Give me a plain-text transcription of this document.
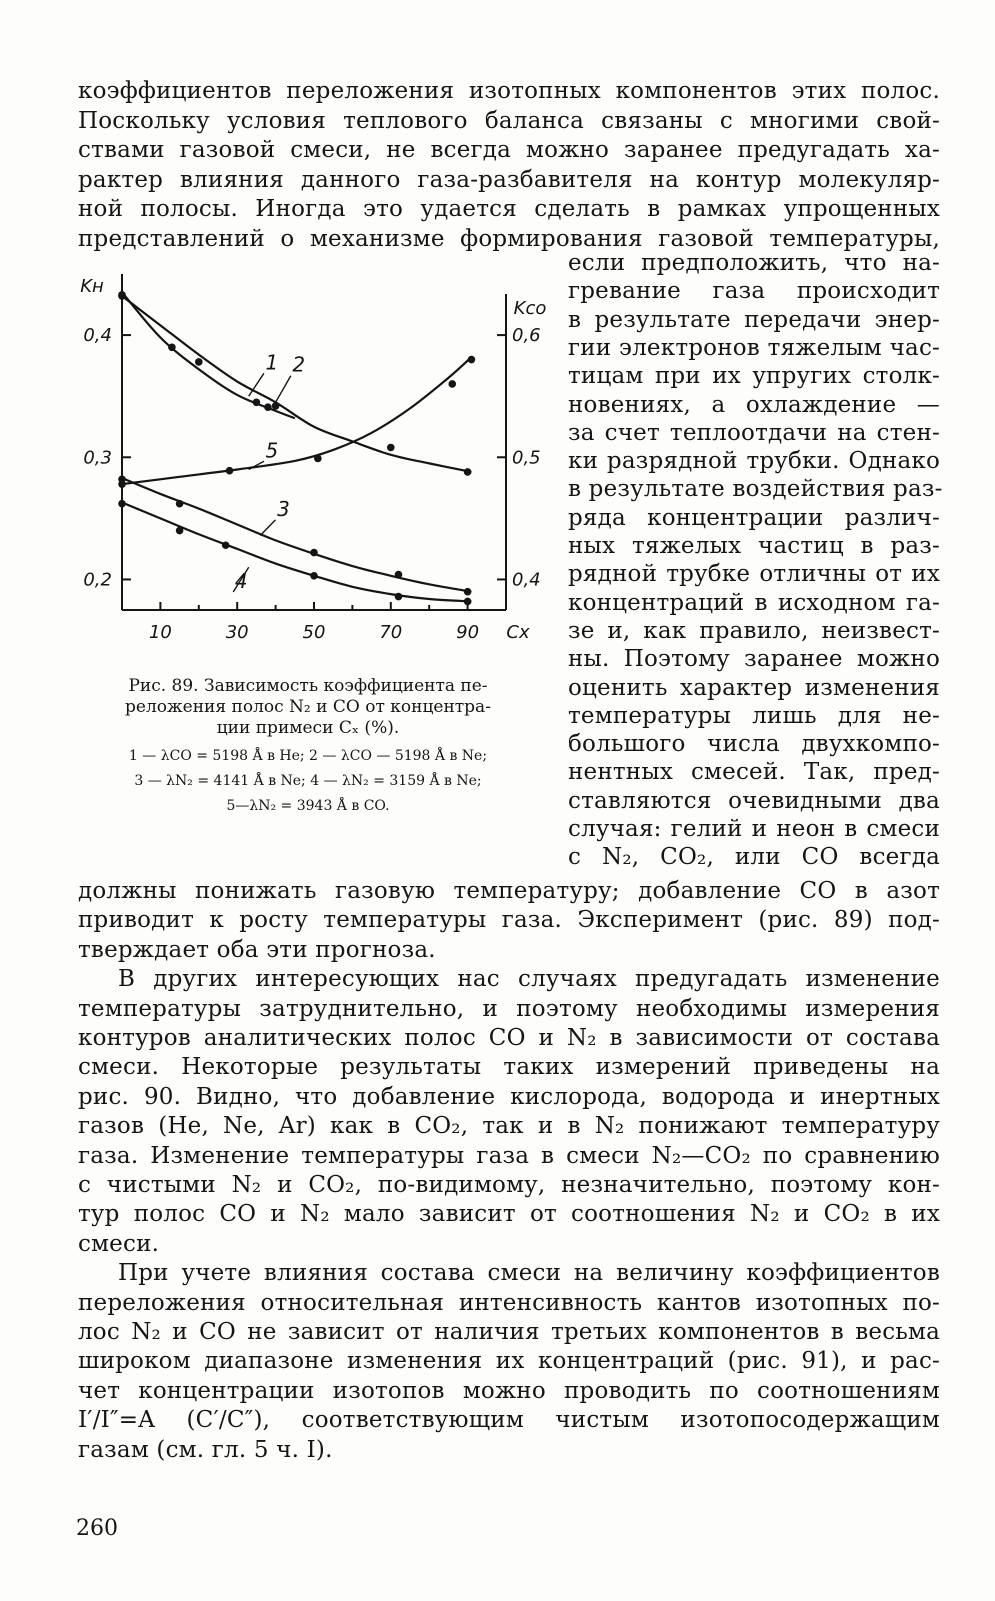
коэффициентов переложения изотопных компонентов этих полос.
Поскольку условия теплового баланса связаны с многими свой-
ствами газовой смеси, не всегда можно заранее предугадать ха-
рактер влияния данного газа-разбавителя на контур молекуляр-
ной полосы. Иногда это удается сделать в рамках упрощенных
представлений о механизме формирования газовой температуры,
если предположить, что на-
гревание газа происходит
в результате передачи энер-
гии электронов тяжелым час-
тицам при их упругих столк-
новениях, а охлаждение —
за счет теплоотдачи на стен-
ки разрядной трубки. Однако
в результате воздействия раз-
ряда концентрации различ-
ных тяжелых частиц в раз-
рядной трубке отличны от их
концентраций в исходном га-
зе и, как правило, неизвест-
ны. Поэтому заранее можно
оценить характер изменения
температуры лишь для не-
большого числа двухкомпо-
нентных смесей. Так, пред-
ставляются очевидными два
случая: гелий и неон в смеси
с N₂, CO₂, или CO всегда
10	30	50	70	90 Cx
0,2
0,3
0,4
0,4
0,5
0,6
Kн
Kco
1 2
3
4
5
Рис. 89. Зависимость коэффициента пе-
реложения полос N₂ и CO от концентра-
ции примеси Cₓ (%).
1 — λCO = 5198 Å в He; 2 — λCO — 5198 Å в Ne;
3 — λN₂ = 4141 Å в Ne; 4 — λN₂ = 3159 Å в Ne;
5—λN₂ = 3943 Å в CO.
должны понижать газовую температуру; добавление CO в азот
приводит к росту температуры газа. Эксперимент (рис. 89) под-
тверждает оба эти прогноза.
В других интересующих нас случаях предугадать изменение
температуры затруднительно, и поэтому необходимы измерения
контуров аналитических полос CO и N₂ в зависимости от состава
смеси. Некоторые результаты таких измерений приведены на
рис. 90. Видно, что добавление кислорода, водорода и инертных
газов (He, Ne, Ar) как в CO₂, так и в N₂ понижают температуру
газа. Изменение температуры газа в смеси N₂—CO₂ по сравнению
с чистыми N₂ и CO₂, по-видимому, незначительно, поэтому кон-
тур полос CO и N₂ мало зависит от соотношения N₂ и CO₂ в их
смеси.
При учете влияния состава смеси на величину коэффициентов
переложения относительная интенсивность кантов изотопных по-
лос N₂ и CO не зависит от наличия третьих компонентов в весьма
широком диапазоне изменения их концентраций (рис. 91), и рас-
чет концентрации изотопов можно проводить по соотношениям
I′/I″=A (C′/C″), соответствующим чистым изотопосодержащим
газам (см. гл. 5 ч. I).
260
